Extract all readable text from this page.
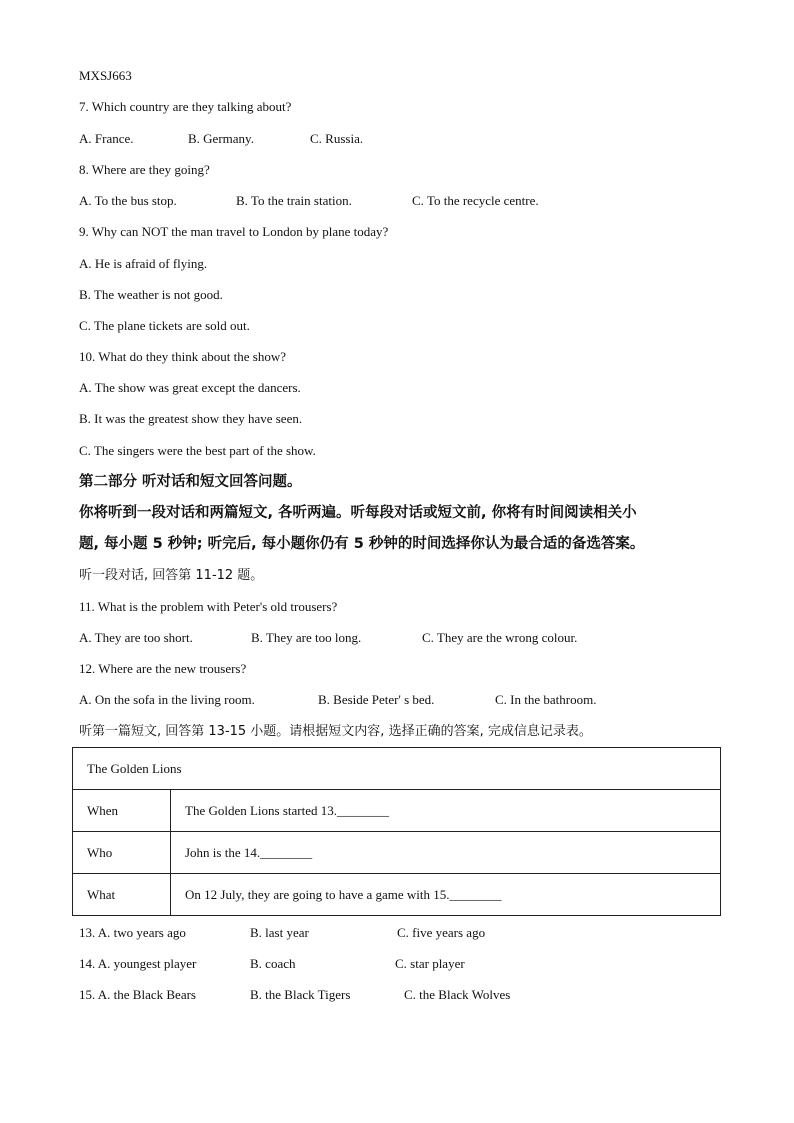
MXSJ663
7. Which country are they talking about?
A. France.	B. Germany.	C. Russia.
8. Where are they going?
A. To the bus stop.	B. To the train station.	C. To the recycle centre.
9. Why can NOT the man travel to London by plane today?
A. He is afraid of flying.
B. The weather is not good.
C. The plane tickets are sold out.
10. What do they think about the show?
A. The show was great except the dancers.
B. It was the greatest show they have seen.
C. The singers were the best part of the show.
第二部分 听对话和短文回答问题。
你将听到一段对话和两篇短文, 各听两遍。听每段对话或短文前, 你将有时间阅读相关小
题, 每小题 5 秒钟; 听完后, 每小题你仍有 5 秒钟的时间选择你认为最合适的备选答案。
听一段对话, 回答第 11-12 题。
11. What is the problem with Peter's old trousers?
A. They are too short.	B. They are too long.	C. They are the wrong colour.
12. Where are the new trousers?
A. On the sofa in the living room.	B. Beside Peter' s bed.	C. In the bathroom.
听第一篇短文, 回答第 13-15 小题。请根据短文内容, 选择正确的答案, 完成信息记录表。
The Golden Lions	
When	The Golden Lions started 13.________
Who	John is the 14.________
What	On 12 July, they are going to have a game with 15.________
13. A. two years ago	B. last year	C. five years ago
14. A. youngest player	B. coach	C. star player
15. A. the Black Bears	B. the Black Tigers	C. the Black Wolves
